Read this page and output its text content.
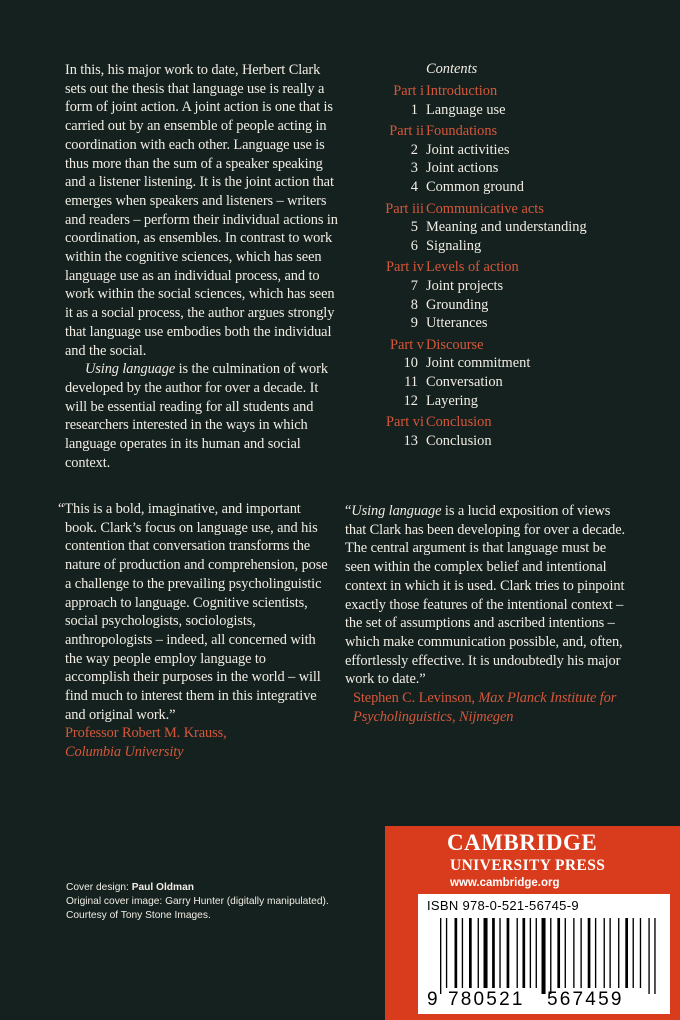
In this, his major work to date, Herbert Clark sets out the thesis that language use is really a form of joint action. A joint action is one that is carried out by an ensemble of people acting in coordination with each other. Language use is thus more than the sum of a speaker speaking and a listener listening. It is the joint action that emerges when speakers and listeners – writers and readers – perform their individual actions in coordination, as ensembles. In contrast to work within the cognitive sciences, which has seen language use as an individual process, and to work within the social sciences, which has seen it as a social process, the author argues strongly that language use embodies both the individual and the social.

Using language is the culmination of work developed by the author for over a decade. It will be essential reading for all students and researchers interested in the ways in which language operates in its human and social context.

Contents
Part i Introduction
1 Language use
Part ii Foundations
2 Joint activities
3 Joint actions
4 Common ground
Part iii Communicative acts
5 Meaning and understanding
6 Signaling
Part iv Levels of action
7 Joint projects
8 Grounding
9 Utterances
Part v Discourse
10 Joint commitment
11 Conversation
12 Layering
Part vi Conclusion
13 Conclusion

“This is a bold, imaginative, and important book. Clark’s focus on language use, and his contention that conversation transforms the nature of production and comprehension, pose a challenge to the prevailing psycholinguistic approach to language. Cognitive scientists, social psychologists, sociologists, anthropologists – indeed, all concerned with the way people employ language to accomplish their purposes in the world – will find much to interest them in this integrative and original work.”

Professor Robert M. Krauss,
Columbia University

“Using language is a lucid exposition of views that Clark has been developing for over a decade. The central argument is that language must be seen within the complex belief and intentional context in which it is used. Clark tries to pinpoint exactly those features of the intentional context – the set of assumptions and ascribed intentions – which make communication possible, and, often, effortlessly effective. It is undoubtedly his major work to date.”

Stephen C. Levinson, Max Planck Institute for Psycholinguistics, Nijmegen

Cover design: Paul Oldman
Original cover image: Garry Hunter (digitally manipulated).
Courtesy of Tony Stone Images.
CAMBRIDGE
UNIVERSITY PRESS
www.cambridge.org
ISBN 978-0-521-56745-9
9 780521 567459
